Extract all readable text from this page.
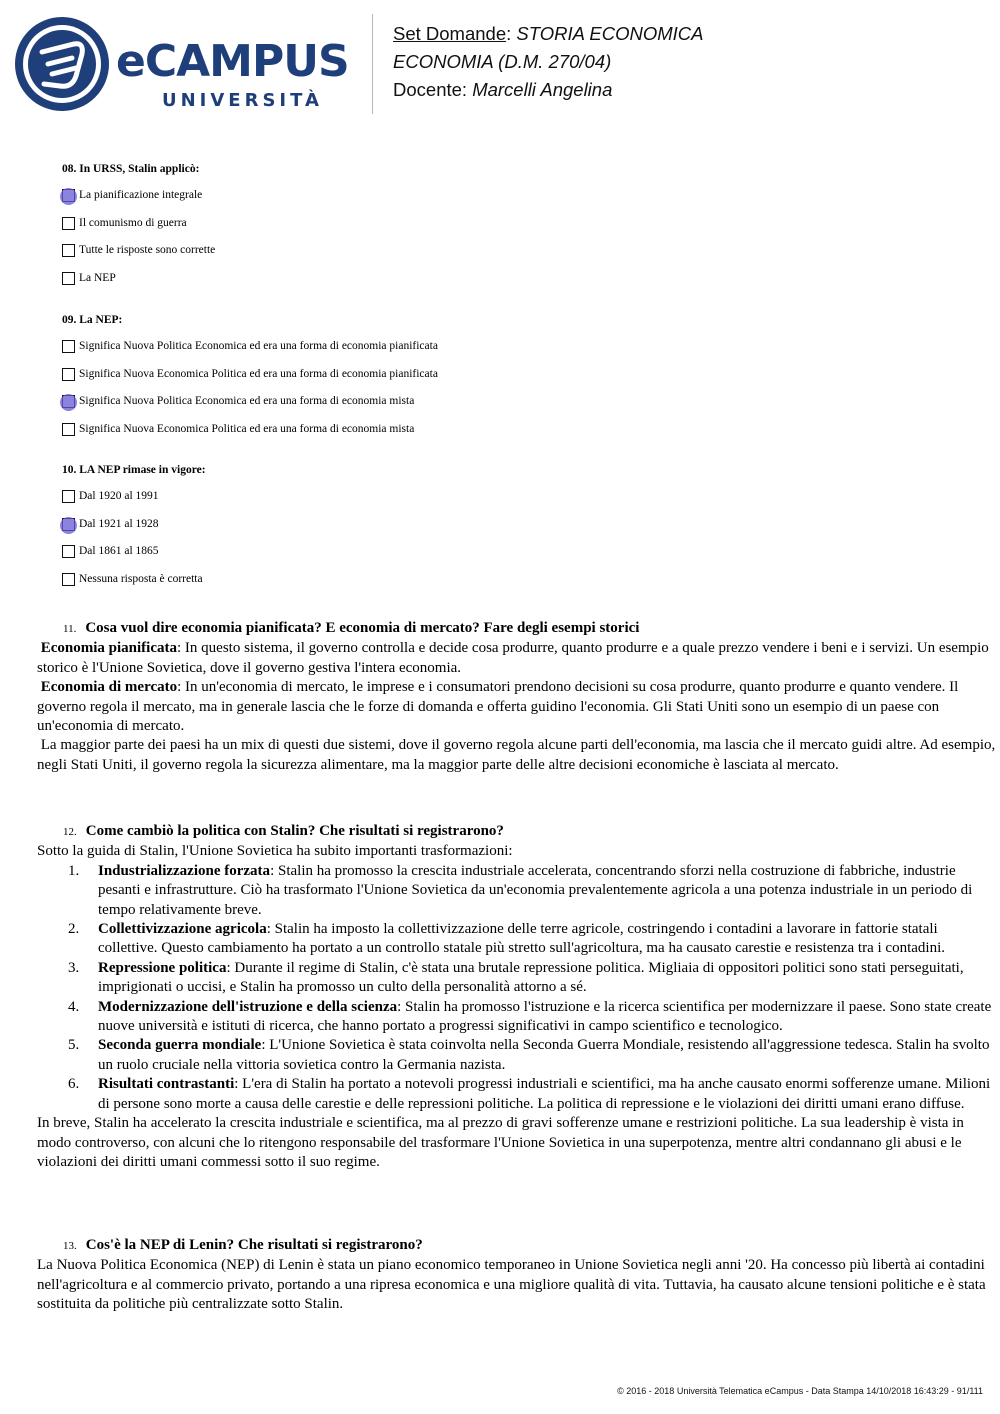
eCAMPUS
UNIVERSITÀ
Set Domande: STORIA ECONOMICA
ECONOMIA (D.M. 270/04)
Docente: Marcelli Angelina

08. In URSS, Stalin applicò:

La pianificazione integrale
Il comunismo di guerra
Tutte le risposte sono corrette
La NEP

09. La NEP:

Significa Nuova Politica Economica ed era una forma di economia pianificata
Significa Nuova Economica Politica ed era una forma di economia pianificata
Significa Nuova Politica Economica ed era una forma di economia mista
Significa Nuova Economica Politica ed era una forma di economia mista

10. LA NEP rimase in vigore:

Dal 1920 al 1991
Dal 1921 al 1928
Dal 1861 al 1865
Nessuna risposta è corretta

11. Cosa vuol dire economia pianificata? E economia di mercato? Fare degli esempi storici

Economia pianificata: In questo sistema, il governo controlla e decide cosa produrre, quanto produrre e a quale prezzo vendere i beni e i servizi. Un esempio storico è l'Unione Sovietica, dove il governo gestiva l'intera economia.

Economia di mercato: In un'economia di mercato, le imprese e i consumatori prendono decisioni su cosa produrre, quanto produrre e quanto vendere. Il governo regola il mercato, ma in generale lascia che le forze di domanda e offerta guidino l'economia. Gli Stati Uniti sono un esempio di un paese con un'economia di mercato.

La maggior parte dei paesi ha un mix di questi due sistemi, dove il governo regola alcune parti dell'economia, ma lascia che il mercato guidi altre. Ad esempio, negli Stati Uniti, il governo regola la sicurezza alimentare, ma la maggior parte delle altre decisioni economiche è lasciata al mercato.

12. Come cambiò la politica con Stalin? Che risultati si registrarono?

Sotto la guida di Stalin, l'Unione Sovietica ha subito importanti trasformazioni:

1. Industrializzazione forzata: Stalin ha promosso la crescita industriale accelerata, concentrando sforzi nella costruzione di fabbriche, industrie pesanti e infrastrutture. Ciò ha trasformato l'Unione Sovietica da un'economia prevalentemente agricola a una potenza industriale in un periodo di tempo relativamente breve.
2. Collettivizzazione agricola: Stalin ha imposto la collettivizzazione delle terre agricole, costringendo i contadini a lavorare in fattorie statali collettive. Questo cambiamento ha portato a un controllo statale più stretto sull'agricoltura, ma ha causato carestie e resistenza tra i contadini.
3. Repressione politica: Durante il regime di Stalin, c'è stata una brutale repressione politica. Migliaia di oppositori politici sono stati perseguitati, imprigionati o uccisi, e Stalin ha promosso un culto della personalità attorno a sé.
4. Modernizzazione dell'istruzione e della scienza: Stalin ha promosso l'istruzione e la ricerca scientifica per modernizzare il paese. Sono state create nuove università e istituti di ricerca, che hanno portato a progressi significativi in campo scientifico e tecnologico.
5. Seconda guerra mondiale: L'Unione Sovietica è stata coinvolta nella Seconda Guerra Mondiale, resistendo all'aggressione tedesca. Stalin ha svolto un ruolo cruciale nella vittoria sovietica contro la Germania nazista.
6. Risultati contrastanti: L'era di Stalin ha portato a notevoli progressi industriali e scientifici, ma ha anche causato enormi sofferenze umane. Milioni di persone sono morte a causa delle carestie e delle repressioni politiche. La politica di repressione e le violazioni dei diritti umani erano diffuse.

In breve, Stalin ha accelerato la crescita industriale e scientifica, ma al prezzo di gravi sofferenze umane e restrizioni politiche. La sua leadership è vista in modo controverso, con alcuni che lo ritengono responsabile del trasformare l'Unione Sovietica in una superpotenza, mentre altri condannano gli abusi e le violazioni dei diritti umani commessi sotto il suo regime.

13. Cos'è la NEP di Lenin? Che risultati si registrarono?

La Nuova Politica Economica (NEP) di Lenin è stata un piano economico temporaneo in Unione Sovietica negli anni '20. Ha concesso più libertà ai contadini nell'agricoltura e al commercio privato, portando a una ripresa economica e una migliore qualità di vita. Tuttavia, ha causato alcune tensioni politiche e è stata sostituita da politiche più centralizzate sotto Stalin.

© 2016 - 2018 Università Telematica eCampus - Data Stampa 14/10/2018 16:43:29 - 91/111
